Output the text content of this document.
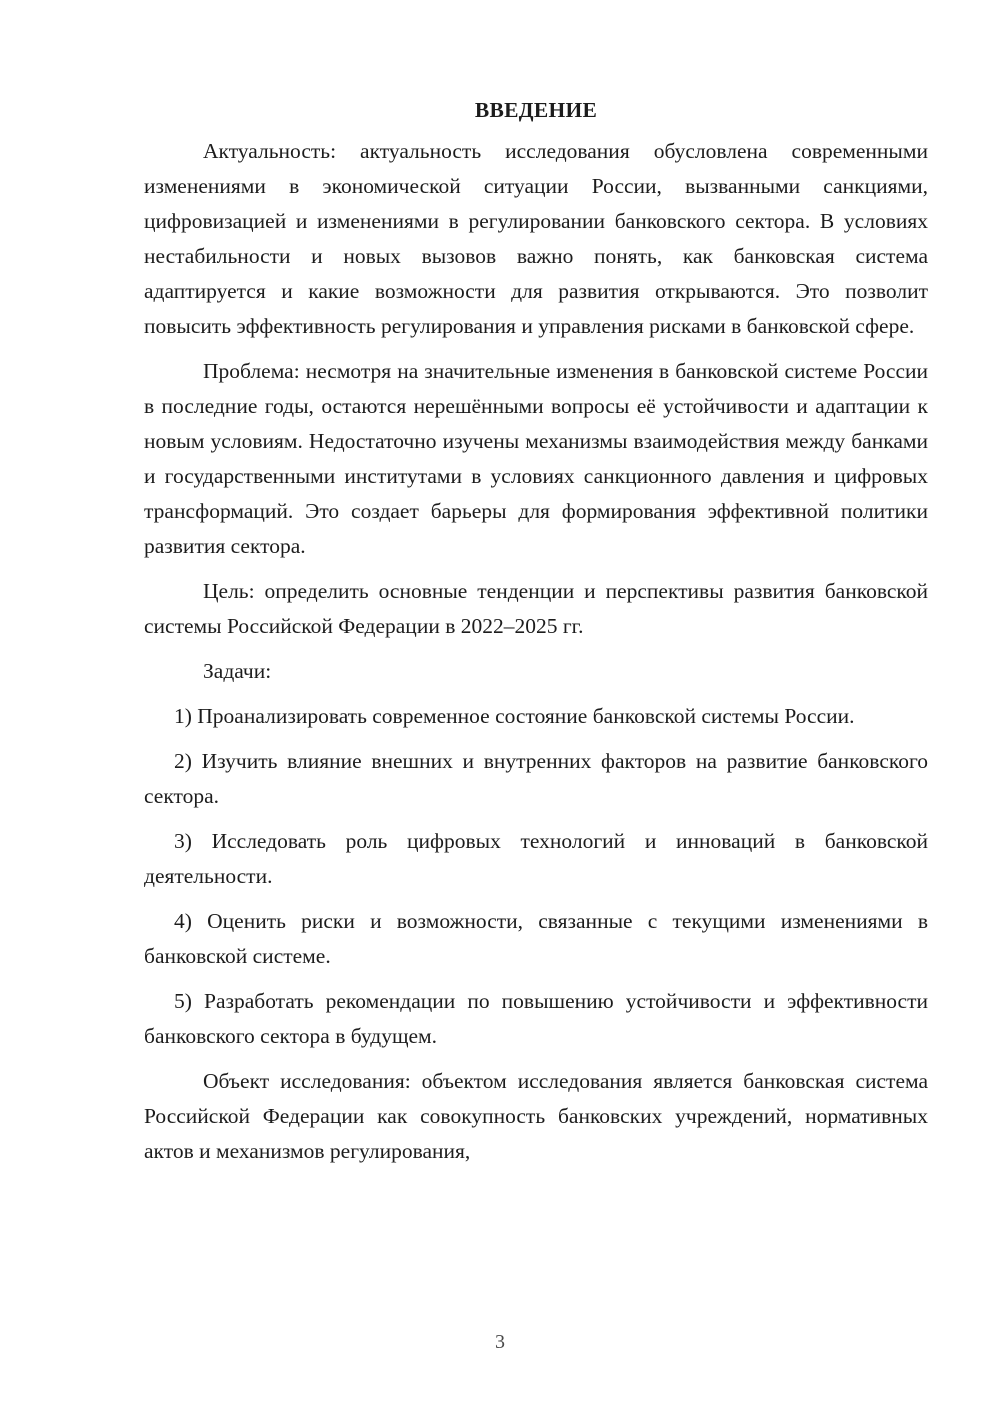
ВВЕДЕНИЕ

Актуальность: актуальность исследования обусловлена современными изменениями в экономической ситуации России, вызванными санкциями, цифровизацией и изменениями в регулировании банковского сектора. В условиях нестабильности и новых вызовов важно понять, как банковская система адаптируется и какие возможности для развития открываются. Это позволит повысить эффективность регулирования и управления рисками в банковской сфере.

Проблема: несмотря на значительные изменения в банковской системе России в последние годы, остаются нерешёнными вопросы её устойчивости и адаптации к новым условиям. Недостаточно изучены механизмы взаимодействия между банками и государственными институтами в условиях санкционного давления и цифровых трансформаций. Это создает барьеры для формирования эффективной политики развития сектора.

Цель: определить основные тенденции и перспективы развития банковской системы Российской Федерации в 2022–2025 гг.

Задачи:

1) Проанализировать современное состояние банковской системы России.

2) Изучить влияние внешних и внутренних факторов на развитие банковского сектора.

3) Исследовать роль цифровых технологий и инноваций в банковской деятельности.

4) Оценить риски и возможности, связанные с текущими изменениями в банковской системе.

5) Разработать рекомендации по повышению устойчивости и эффективности банковского сектора в будущем.

Объект исследования: объектом исследования является банковская система Российской Федерации как совокупность банковских учреждений, нормативных актов и механизмов регулирования,

3
